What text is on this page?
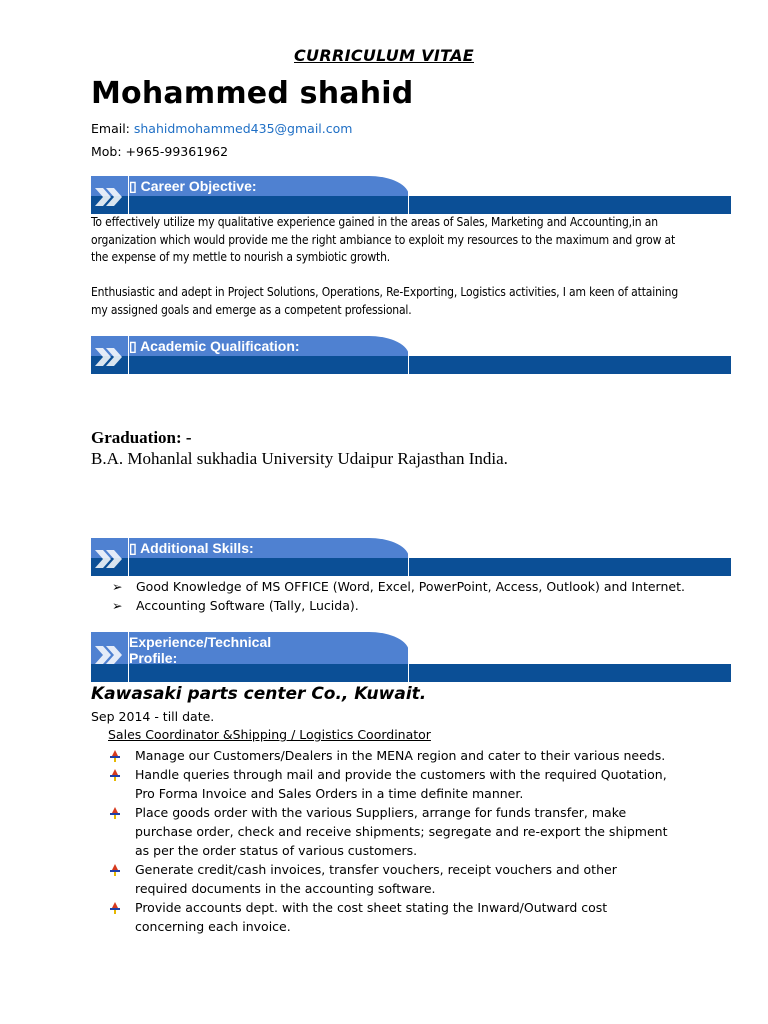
CURRICULUM VITAE
Mohammed shahid
Email: shahidmohammed435@gmail.com
Mob: +965-99361962
▯ Career Objective:
To effectively utilize my qualitative experience gained in the areas of Sales, Marketing and Accounting,in an organization which would provide me the right ambiance to exploit my resources to the maximum and grow at the expense of my mettle to nourish a symbiotic growth.
Enthusiastic and adept in Project Solutions, Operations, Re-Exporting, Logistics activities, I am keen of attaining my assigned goals and emerge as a competent professional.
▯ Academic Qualification:
Graduation: -
B.A. Mohanlal sukhadia University Udaipur Rajasthan India.
▯ Additional Skills:
➢ Good Knowledge of MS OFFICE (Word, Excel, PowerPoint, Access, Outlook) and Internet.
➢ Accounting Software (Tally, Lucida).
Experience/Technical
Profile:
Kawasaki parts center Co., Kuwait.
Sep 2014 - till date.
Sales Coordinator &Shipping / Logistics Coordinator
Manage our Customers/Dealers in the MENA region and cater to their various needs.
Handle queries through mail and provide the customers with the required Quotation, Pro Forma Invoice and Sales Orders in a time definite manner.
Place goods order with the various Suppliers, arrange for funds transfer, make purchase order, check and receive shipments; segregate and re-export the shipment as per the order status of various customers.
Generate credit/cash invoices, transfer vouchers, receipt vouchers and other required documents in the accounting software.
Provide accounts dept. with the cost sheet stating the Inward/Outward cost concerning each invoice.
